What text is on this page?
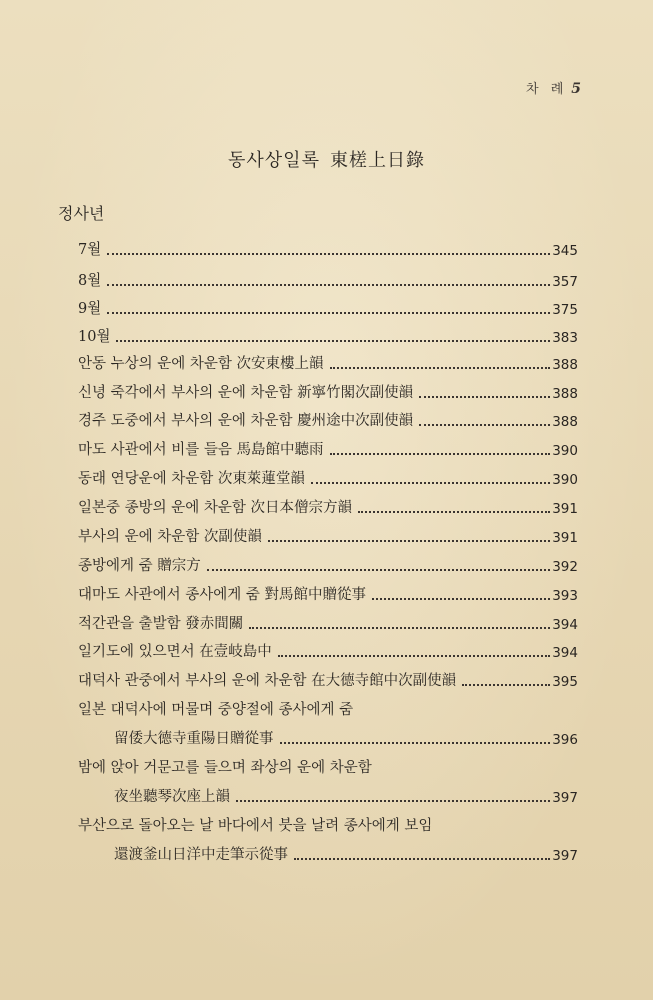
차 례 5
동사상일록 東槎上日錄
정사년
7월	345
8월	357
9월	375
10월	383
안동 누상의 운에 차운함 次安東樓上韻	388
신녕 죽각에서 부사의 운에 차운함 新寧竹閣次副使韻	388
경주 도중에서 부사의 운에 차운함 慶州途中次副使韻	388
마도 사관에서 비를 들음 馬島館中聽雨	390
동래 연당운에 차운함 次東萊蓮堂韻	390
일본중 종방의 운에 차운함 次日本僧宗方韻	391
부사의 운에 차운함 次副使韻	391
종방에게 줌 贈宗方	392
대마도 사관에서 종사에게 줌 對馬館中贈從事	393
적간관을 출발함 發赤間關	394
일기도에 있으면서 在壹岐島中	394
대덕사 관중에서 부사의 운에 차운함 在大德寺館中次副使韻	395
일본 대덕사에 머물며 중양절에 종사에게 줌
留倭大德寺重陽日贈從事	396
밤에 앉아 거문고를 들으며 좌상의 운에 차운함
夜坐聽琴次座上韻	397
부산으로 돌아오는 날 바다에서 붓을 날려 종사에게 보임
還渡釜山日洋中走筆示從事	397
